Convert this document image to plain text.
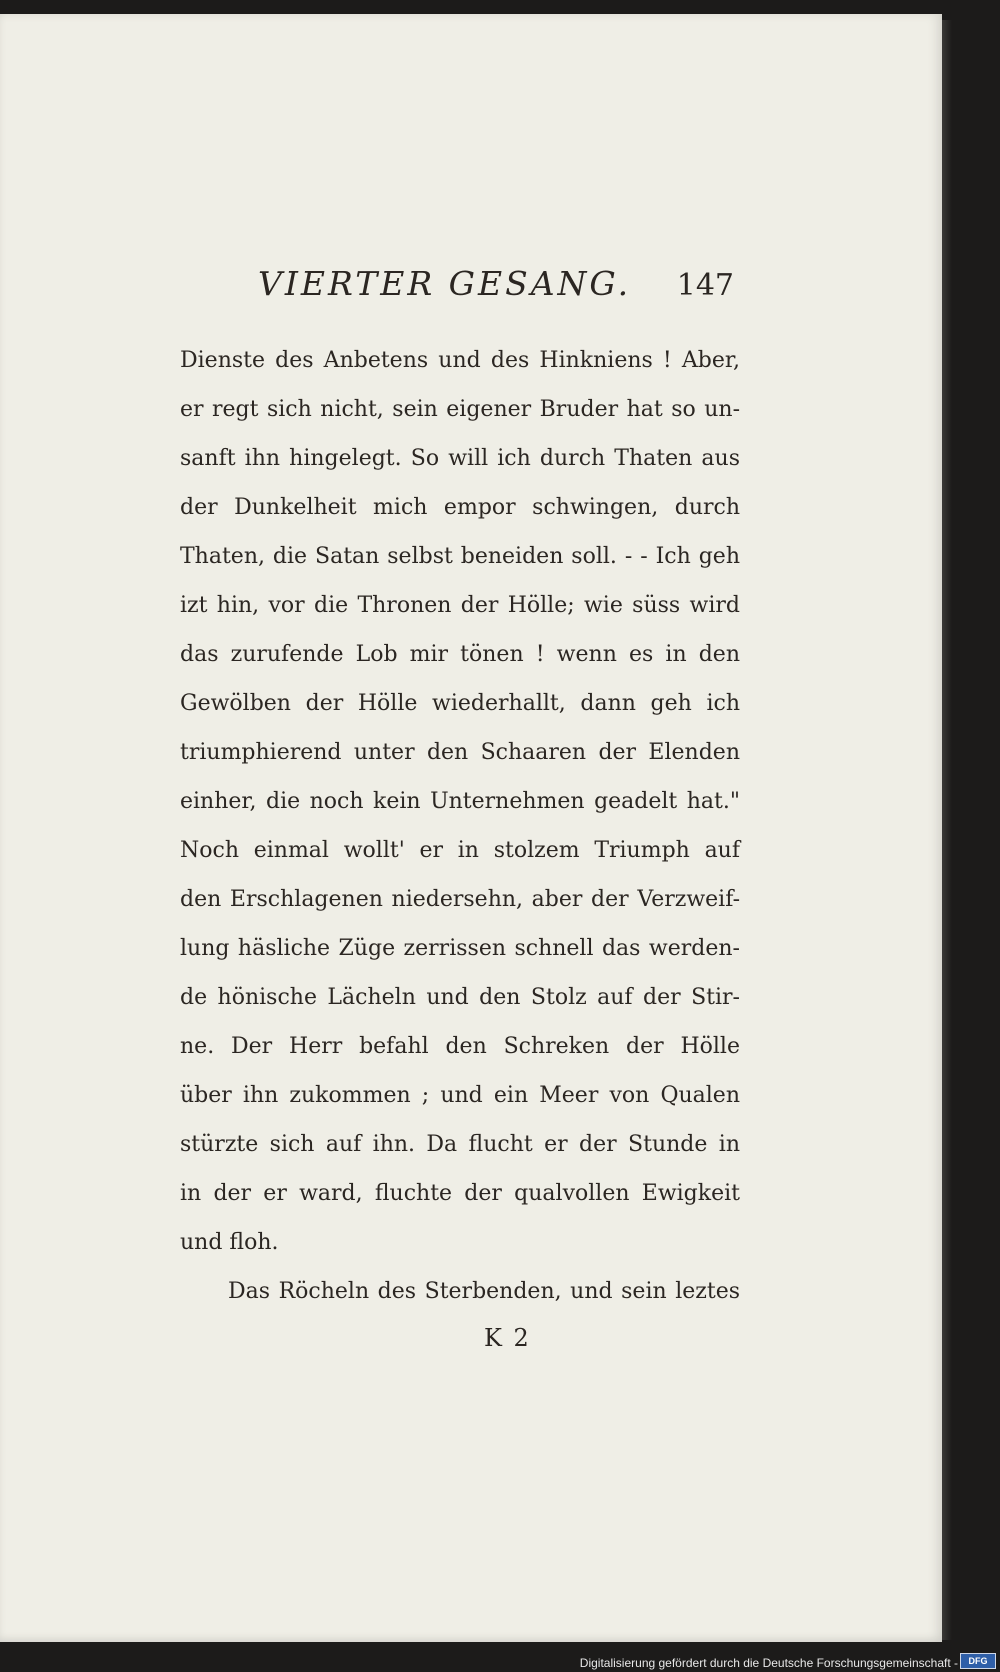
VIERTER GESANG. 147
Dienste des Anbetens und des Hinkniens ! Aber,
er regt sich nicht, sein eigener Bruder hat so un-
sanft ihn hingelegt. So will ich durch Thaten aus
der Dunkelheit mich empor schwingen, durch
Thaten, die Satan selbst beneiden soll. - - Ich geh
izt hin, vor die Thronen der Hölle; wie süss wird
das zurufende Lob mir tönen ! wenn es in den
Gewölben der Hölle wiederhallt, dann geh ich
triumphierend unter den Schaaren der Elenden
einher, die noch kein Unternehmen geadelt hat."
Noch einmal wollt' er in stolzem Triumph auf
den Erschlagenen niedersehn, aber der Verzweif-
lung häsliche Züge zerrissen schnell das werden-
de hönische Lächeln und den Stolz auf der Stir-
ne. Der Herr befahl den Schreken der Hölle
über ihn zukommen ; und ein Meer von Qualen
stürzte sich auf ihn. Da flucht er der Stunde in
in der er ward, fluchte der qualvollen Ewigkeit
und floh.
Das Röcheln des Sterbenden, und sein leztes
K 2
Digitalisierung gefördert durch die Deutsche Forschungsgemeinschaft -	DFG
